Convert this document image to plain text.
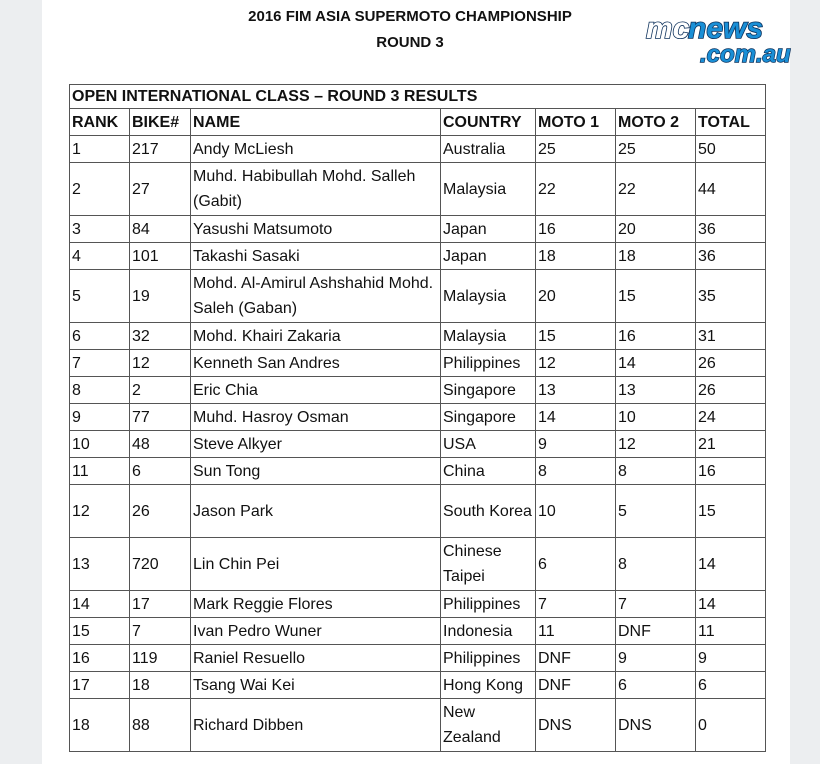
2016 FIM ASIA SUPERMOTO CHAMPIONSHIP
ROUND 3	mc
news
.com.au
OPEN INTERNATIONAL CLASS – ROUND 3 RESULTS						
RANK	BIKE#	NAME	COUNTRY	MOTO 1	MOTO 2	TOTAL
1	217	Andy McLiesh	Australia	25	25	50
2	27	Muhd. Habibullah Mohd. Salleh (Gabit)	Malaysia	22	22	44
3	84	Yasushi Matsumoto	Japan	16	20	36
4	101	Takashi Sasaki	Japan	18	18	36
5	19	Mohd. Al-Amirul Ashshahid Mohd. Saleh (Gaban)	Malaysia	20	15	35
6	32	Mohd. Khairi Zakaria	Malaysia	15	16	31
7	12	Kenneth San Andres	Philippines	12	14	26
8	2	Eric Chia	Singapore	13	13	26
9	77	Muhd. Hasroy Osman	Singapore	14	10	24
10	48	Steve Alkyer	USA	9	12	21
11	6	Sun Tong	China	8	8	16
12	26	Jason Park	South Korea	10	5	15
13	720	Lin Chin Pei	Chinese Taipei	6	8	14
14	17	Mark Reggie Flores	Philippines	7	7	14
15	7	Ivan Pedro Wuner	Indonesia	11	DNF	11
16	119	Raniel Resuello	Philippines	DNF	9	9
17	18	Tsang Wai Kei	Hong Kong	DNF	6	6
18	88	Richard Dibben	New Zealand	DNS	DNS	0
